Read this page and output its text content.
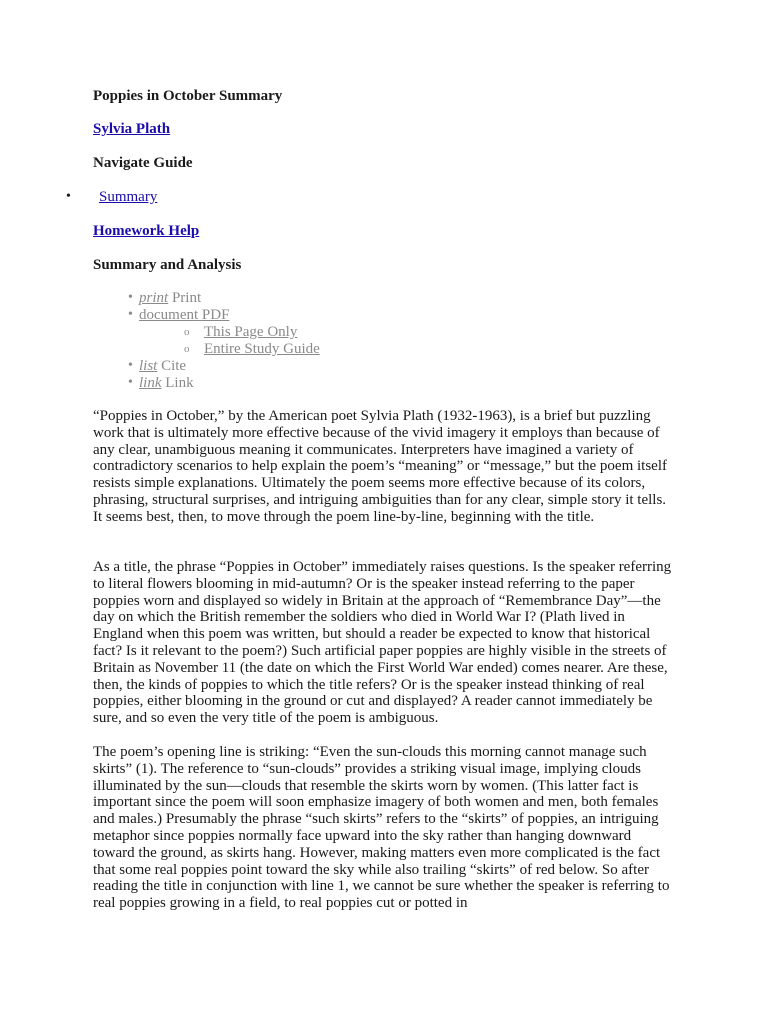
Poppies in October Summary
Sylvia Plath
Navigate Guide
• Summary
Homework Help
Summary and Analysis
• print Print
• document PDF
o This Page Only
o Entire Study Guide
• list Cite
• link Link

“Poppies in October,” by the American poet Sylvia Plath (1932-1963), is a brief but puzzling work that is ultimately more effective because of the vivid imagery it employs than because of any clear, unambiguous meaning it communicates. Interpreters have imagined a variety of contradictory scenarios to help explain the poem’s “meaning” or “message,” but the poem itself resists simple explanations. Ultimately the poem seems more effective because of its colors, phrasing, structural surprises, and intriguing ambiguities than for any clear, simple story it tells. It seems best, then, to move through the poem line-by-line, beginning with the title.

As a title, the phrase “Poppies in October” immediately raises questions. Is the speaker referring to literal flowers blooming in mid-autumn? Or is the speaker instead referring to the paper poppies worn and displayed so widely in Britain at the approach of “Remembrance Day”—the day on which the British remember the soldiers who died in World War I? (Plath lived in England when this poem was written, but should a reader be expected to know that historical fact? Is it relevant to the poem?) Such artificial paper poppies are highly visible in the streets of Britain as November 11 (the date on which the First World War ended) comes nearer. Are these, then, the kinds of poppies to which the title refers? Or is the speaker instead thinking of real poppies, either blooming in the ground or cut and displayed? A reader cannot immediately be sure, and so even the very title of the poem is ambiguous.

The poem’s opening line is striking: “Even the sun-clouds this morning cannot manage such skirts” (1). The reference to “sun-clouds” provides a striking visual image, implying clouds illuminated by the sun—clouds that resemble the skirts worn by women. (This latter fact is important since the poem will soon emphasize imagery of both women and men, both females and males.) Presumably the phrase “such skirts” refers to the “skirts” of poppies, an intriguing metaphor since poppies normally face upward into the sky rather than hanging downward toward the ground, as skirts hang. However, making matters even more complicated is the fact that some real poppies point toward the sky while also trailing “skirts” of red below. So after reading the title in conjunction with line 1, we cannot be sure whether the speaker is referring to real poppies growing in a field, to real poppies cut or potted in
